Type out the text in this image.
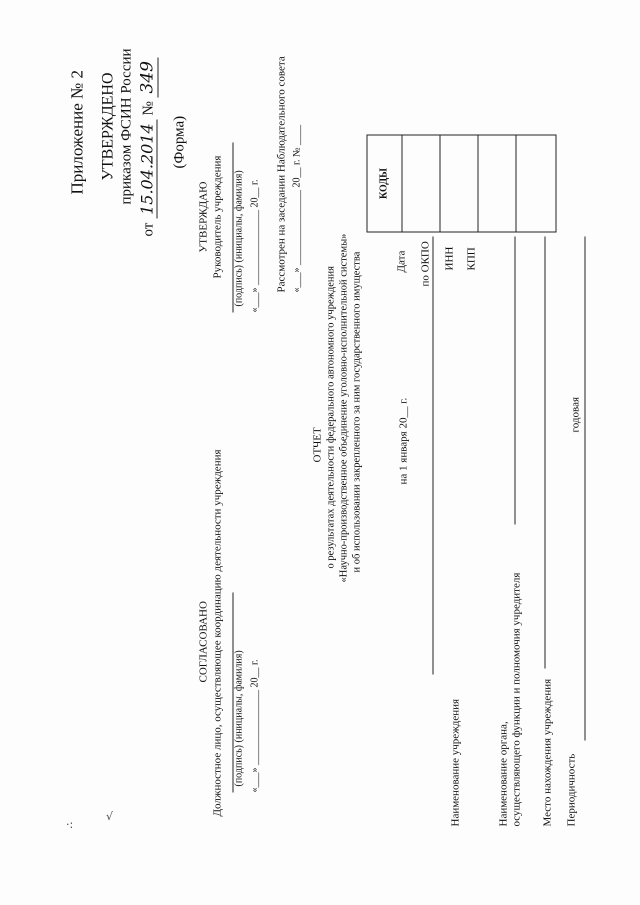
·:
√
Приложение № 2 УТВЕРЖДЕНО приказом ФСИН России
от 15.04.2014 № 349
(Форма)
УТВЕРЖДАЮ Руководитель учреждения (подпись) (инициалы, фамилия) «___» _______________ 20__ г. Рассмотрен на заседании Наблюдательного совета «___» _______________ 20__ г. № ____
СОГЛАСОВАНО Должностное лицо, осуществляющее координацию деятельности учреждения (подпись) (инициалы, фамилия) «___» _______________ 20__ г.
ОТЧЕТ о результатах деятельности федерального автономного учреждения «Научно-производственное объединение уголовно-исполнительной системы» и об использовании закрепленного за ним государственного имущества
КОДЫ
Дата по ОКПО ИНН КПП
на 1 января 20__ г.
Наименование учреждения	Наименование органа, осуществляющего функции и полномочия учредителя Место нахождения учреждения Периодичность
годовая
